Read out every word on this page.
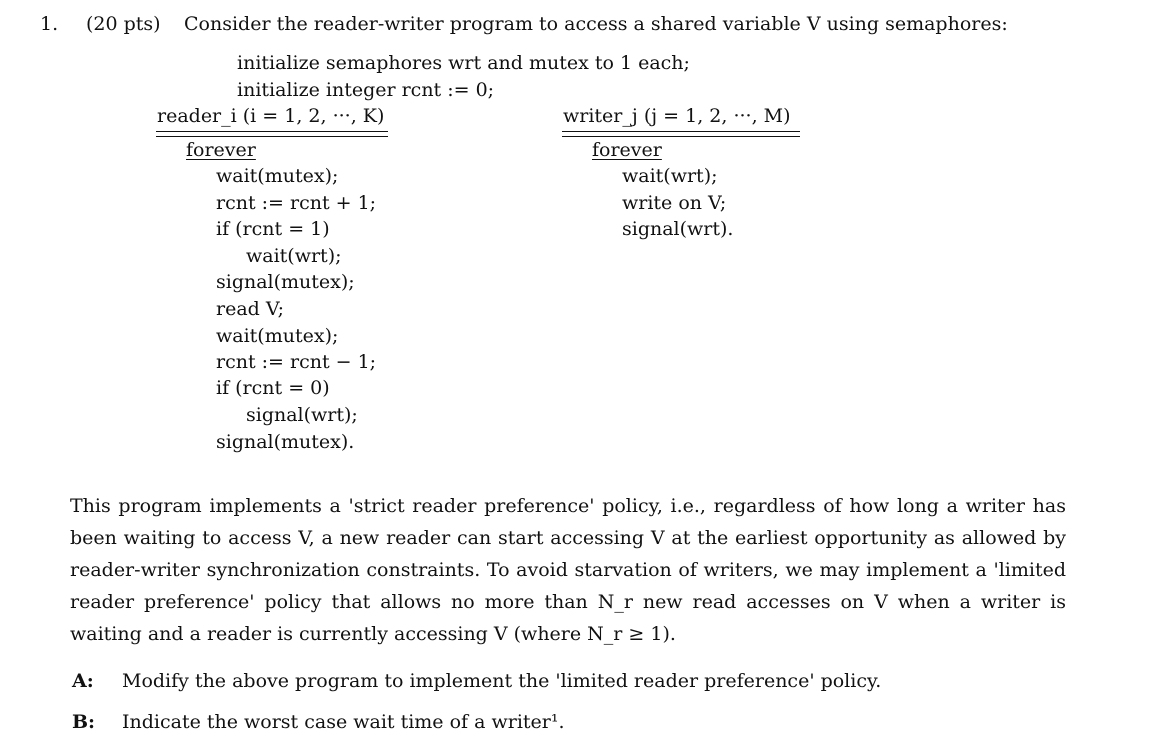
1. (20 pts) Consider the reader-writer program to access a shared variable V using semaphores:
initialize semaphores wrt and mutex to 1 each;
initialize integer rcnt := 0;
reader_i (i = 1, 2, ···, K)
forever
wait(mutex);
rcnt := rcnt + 1;
if (rcnt = 1)
wait(wrt);
signal(mutex);
read V;
wait(mutex);
rcnt := rcnt − 1;
if (rcnt = 0)
signal(wrt);
signal(mutex).
writer_j (j = 1, 2, ···, M)
forever
wait(wrt);
write on V;
signal(wrt).
This program implements a 'strict reader preference' policy, i.e., regardless of how long a writer has been waiting to access V, a new reader can start accessing V at the earliest opportunity as allowed by reader-writer synchronization constraints. To avoid starvation of writers, we may implement a 'limited reader preference' policy that allows no more than N_r new read accesses on V when a writer is waiting and a reader is currently accessing V (where N_r ≥ 1).
A: Modify the above program to implement the 'limited reader preference' policy.
B: Indicate the worst case wait time of a writer¹.
